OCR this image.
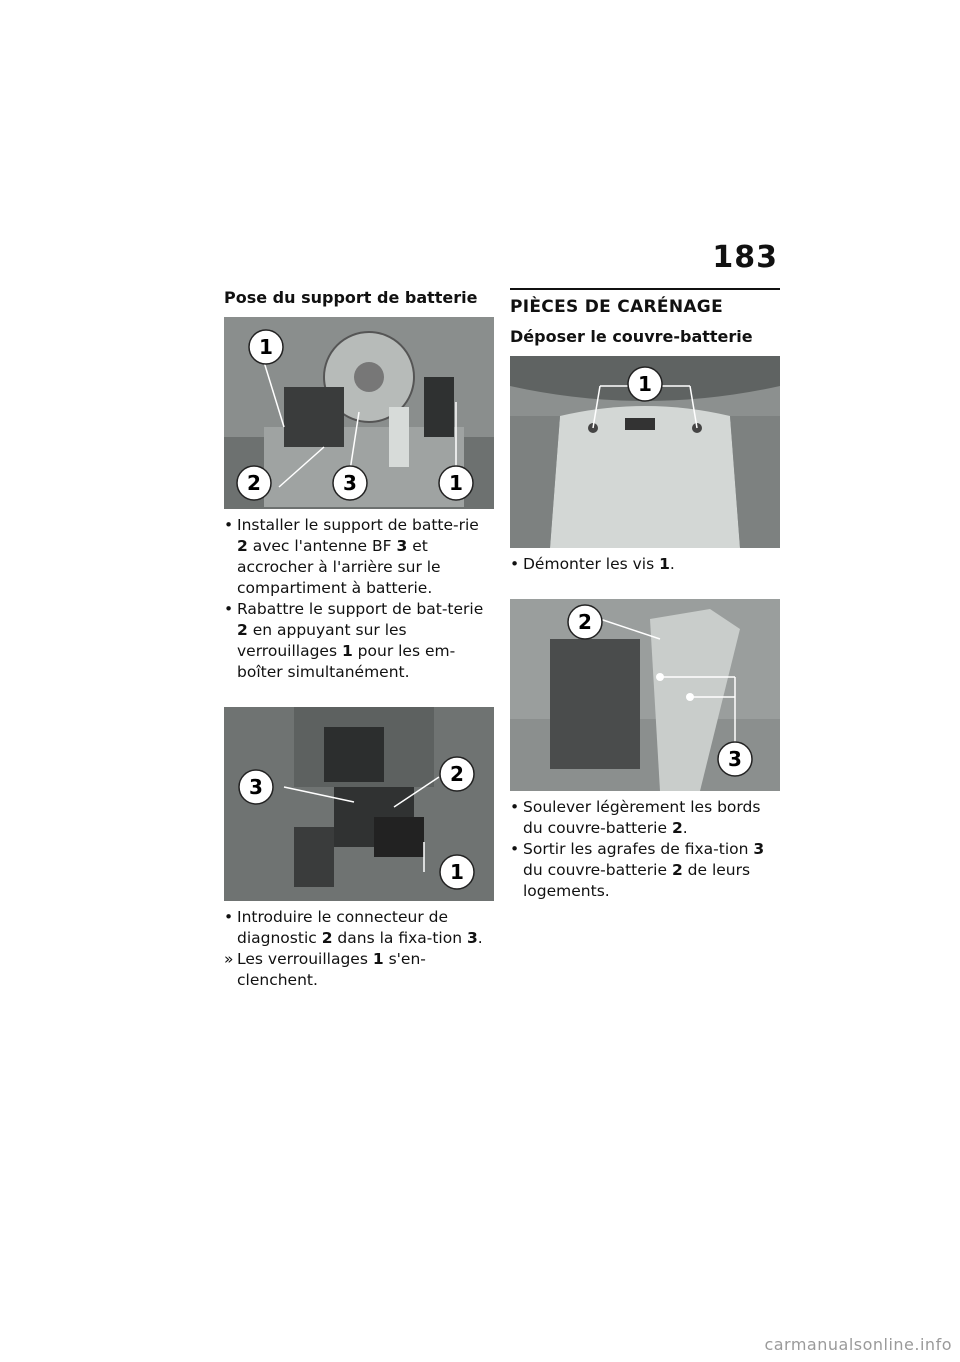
183
Pose du support de batterie
1
2	3	1

• Installer le support de batte-rie 2 avec l'antenne BF 3 et accrocher à l'arrière sur le compartiment à batterie.

• Rabattre le support de bat-terie 2 en appuyant sur les verrouillages 1 pour les em-boîter simultanément.

3
2
1

• Introduire le connecteur de diagnostic 2 dans la fixa-tion 3.

» Les verrouillages 1 s'en-clenchent.

PIÈCES DE CARÉNAGE
Déposer le couvre-batterie
1

• Démonter les vis 1.

2
3

• Soulever légèrement les bords du couvre-batterie 2.

• Sortir les agrafes de fixa-tion 3 du couvre-batterie 2 de leurs logements.

carmanualsonline.info
